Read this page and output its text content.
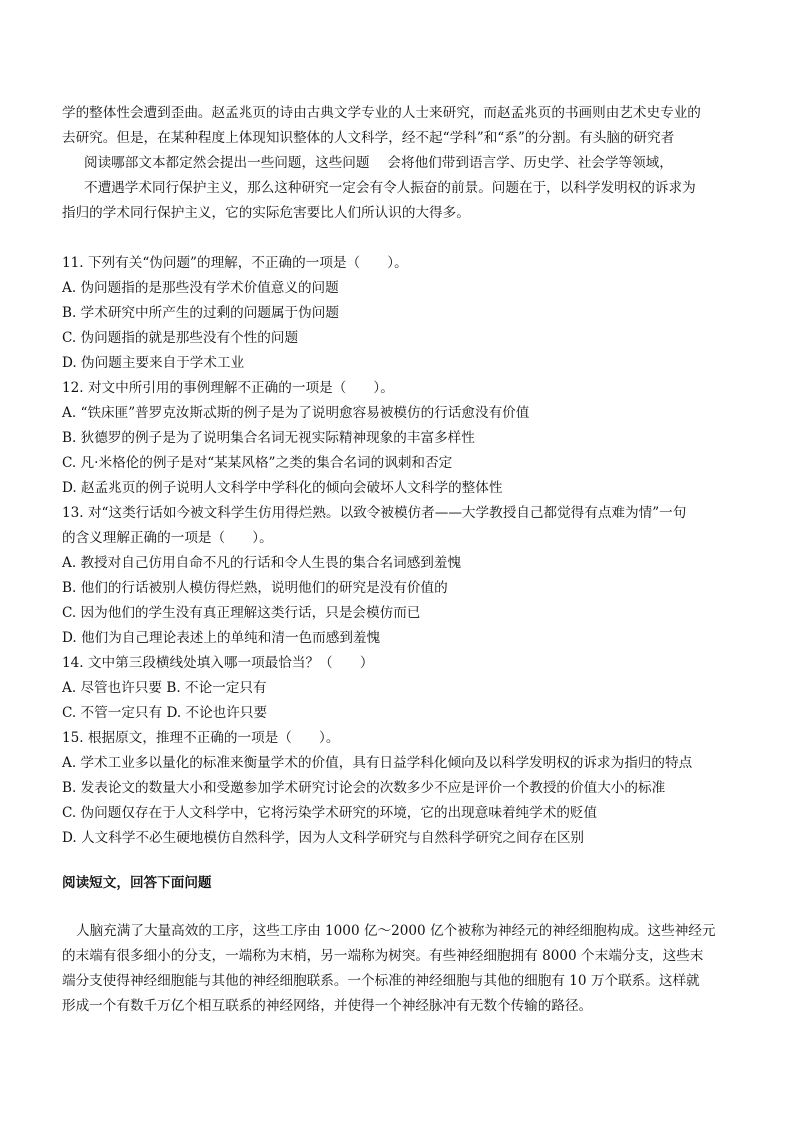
学的整体性会遭到歪曲。赵孟兆页的诗由古典文学专业的人士来研究，而赵孟兆页的书画则由艺术史专业的
去研究。但是，在某种程度上体现知识整体的人文科学，经不起“学科”和“系”的分割。有头脑的研究者
阅读哪部文本都定然会提出一些问题，这些问题　 会将他们带到语言学、历史学、社会学等领域，
不遭遇学术同行保护主义，那么这种研究一定会有令人振奋的前景。问题在于，以科学发明权的诉求为
指归的学术同行保护主义，它的实际危害要比人们所认识的大得多。
11. 下列有关“伪问题”的理解，不正确的一项是（　　）。
A. 伪问题指的是那些没有学术价值意义的问题
B. 学术研究中所产生的过剩的问题属于伪问题
C. 伪问题指的就是那些没有个性的问题
D. 伪问题主要来自于学术工业
12. 对文中所引用的事例理解不正确的一项是（　　）。
A. “铁床匪”普罗克汝斯忒斯的例子是为了说明愈容易被模仿的行话愈没有价值
B. 狄德罗的例子是为了说明集合名词无视实际精神现象的丰富多样性
C. 凡·米格伦的例子是对“某某风格”之类的集合名词的讽刺和否定
D. 赵孟兆页的例子说明人文科学中学科化的倾向会破坏人文科学的整体性
13. 对“这类行话如今被文科学生仿用得烂熟。以致令被模仿者——大学教授自己都觉得有点难为情”一句
的含义理解正确的一项是（　　）。
A. 教授对自己仿用自命不凡的行话和令人生畏的集合名词感到羞愧
B. 他们的行话被别人模仿得烂熟，说明他们的研究是没有价值的
C. 因为他们的学生没有真正理解这类行话，只是会模仿而已
D. 他们为自己理论表述上的单纯和清一色而感到羞愧
14. 文中第三段横线处填入哪一项最恰当？（　　）
A. 尽管也许只要 B. 不论一定只有
C. 不管一定只有 D. 不论也许只要
15. 根据原文，推理不正确的一项是（　　）。
A. 学术工业多以量化的标准来衡量学术的价值，具有日益学科化倾向及以科学发明权的诉求为指归的特点
B. 发表论文的数量大小和受邀参加学术研究讨论会的次数多少不应是评价一个教授的价值大小的标准
C. 伪问题仅存在于人文科学中，它将污染学术研究的环境，它的出现意味着纯学术的贬值
D. 人文科学不必生硬地模仿自然科学，因为人文科学研究与自然科学研究之间存在区别
阅读短文，回答下面问题
人脑充满了大量高效的工序，这些工序由 1000 亿～2000 亿个被称为神经元的神经细胞构成。这些神经元
的末端有很多细小的分支，一端称为末梢，另一端称为树突。有些神经细胞拥有 8000 个末端分支，这些末
端分支使得神经细胞能与其他的神经细胞联系。一个标准的神经细胞与其他的细胞有 10 万个联系。这样就
形成一个有数千万亿个相互联系的神经网络，并使得一个神经脉冲有无数个传输的路径。
